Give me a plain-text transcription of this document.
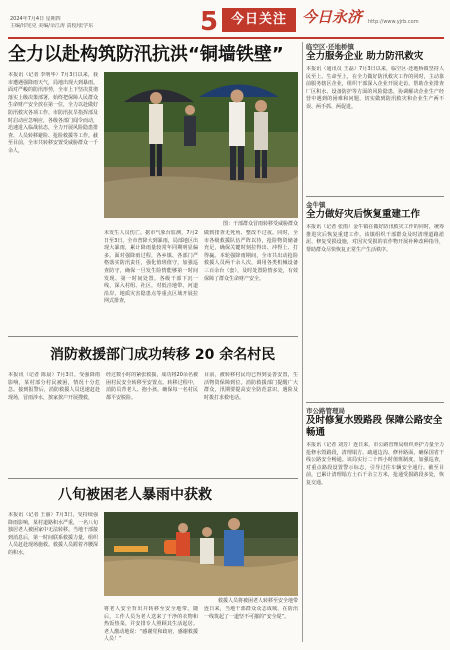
2024年7月4日 星期四
主编/印宪克 美编/余江涛 责校/张学东	5 今日关注	今日永济 http://www.yjrb.com
全力以赴构筑防汛抗洪“铜墙铁壁”
本报讯（记者 李明华）7月3日以来，我市遭遇强降雨天气，局地出现大到暴雨。面对严峻的防汛形势，全市上下坚决贯彻落实上级决策部署，始终把保障人民群众生命财产安全放在第一位，全力以赴做好防汛救灾各项工作。市防汛抗旱指挥部及时启动应急响应，各级各部门闻令而动，迅速进入临战状态，全力开展风险隐患排查、人员转移避险、抢险救援等工作。截至目前，全市共转移安置受威胁群众一千余人，
图：干部群众冒雨转移受威胁群众
未发生人员伤亡。据市气象台监测，7月2日至3日，全市普降大到暴雨，局部地区出现大暴雨，累计降雨量较常年同期明显偏多。面对强降雨过程，各乡镇、各部门严格落实防汛责任，强化值班值守，加强巡查防守，确保一旦发生险情能够第一时间发现、第一时间处置。各级干部下沉一线，深入村组、社区，对低洼地带、河道沿岸、地质灾害隐患点等重点区域开展拉网式排查，
做到排查无死角、整改不过夜。同时，全市各级救援队伍严阵以待，抢险物资储备充足，确保关键时刻拉得出、冲得上、打得赢。本轮强降雨期间，全市共出动抢险救援人员两千余人次，调用各类机械设备三百余台（套），及时处置险情多处，有效保障了群众生命财产安全。
消防救援部门成功转移 20 余名村民
本报讯（记者 陈晨）7月3日，受强降雨影响，某村部分村民被困，情况十分危急。接到报警后，消防救援人员迅速赶赴现场，冒雨涉水，挨家挨户开展搜救，
经过数小时的紧张救援，成功将20余名被困村民安全转移至安置点。转移过程中，消防员背老人、抱小孩，确保每一名村民都平安脱险。
目前，被转移村民均已得到妥善安置，生活物资保障到位。消防救援部门提醒广大群众，汛期要提高安全防范意识，遇险及时拨打求救电话。
八旬被困老人暴雨中获救
本报讯（记者 王丽）7月3日，受持续强降雨影响，某村道路积水严重，一名八旬独居老人被困家中无法转移。当地干部接到消息后，第一时间联系救援力量，组织人员赶赴现场施救。救援人员蹚着齐腰深的积水，
救援人员将被困老人转移至安全地带
将老人安全背出并转移至安全地带。随后，工作人员为老人送来了干净的衣物和热饭热菜，并安排专人照顾其生活起居。老人激动地说：“感谢党和政府，感谢救援人员！”
连日来，当地干部群众众志成城，在防汛一线筑起了一道坚不可摧的“安全堤”。
临空区·还地桥镇
全力服务企业 助力防汛救灾
本报讯（通讯员 王磊）7月3日以来，临空区·还地桥镇坚持人民至上、生命至上，在全力做好防汛救灾工作的同时，主动靠前服务辖区企业，组织干部深入企业开展走访，帮助企业排查厂区积水、设备防护等方面的风险隐患，协调解决企业生产经营中遇到的困难和问题，切实做到防汛救灾和企业生产两不误、两手抓、两促进。
金牛镇
全力做好灾后恢复重建工作
本报讯（记者 张雨）金牛镇在做好防汛救灾工作的同时，统筹推进灾后恢复重建工作。该镇组织干部群众及时清理道路淤泥、修复受损设施，对因灾受损的农作物开展补种改种指导，帮助群众尽快恢复正常生产生活秩序。
市公路管理局
及时修复水毁路段 保障公路安全畅通
本报讯（记者 刘芳）连日来，市公路管理局组织养护力量全力抢修水毁路段，清理塌方、疏通边沟、修补路面，确保国省干线公路安全畅通。该局实行二十四小时值班制度，加强巡查，对重点路段设置警示标志，引导过往车辆安全通行。截至目前，已累计清理塌方土石千余立方米，抢通受损路段多处，恢复交通。
